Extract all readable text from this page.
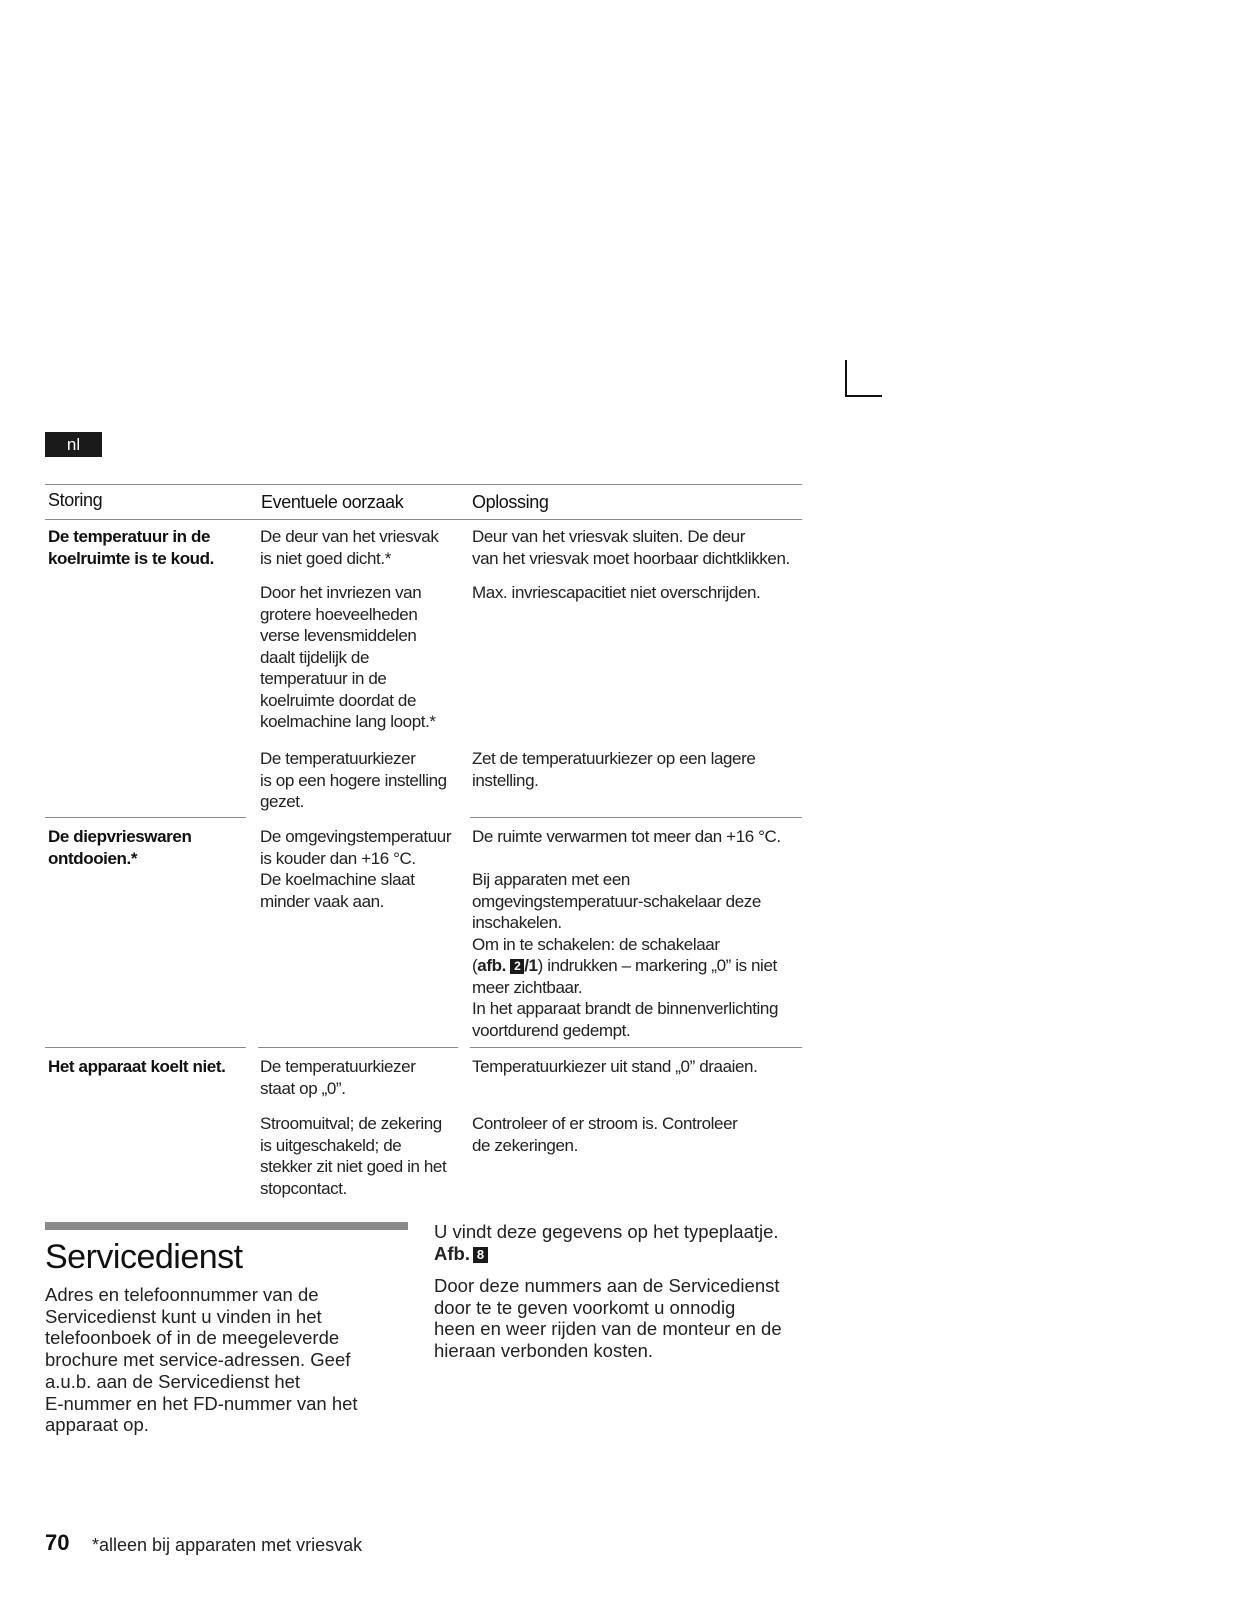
nl
Storing	Eventuele oorzaak	Oplossing
De temperatuur in de
koelruimte is te koud.
De deur van het vriesvak
is niet goed dicht.*
Deur van het vriesvak sluiten. De deur
van het vriesvak moet hoorbaar dichtklikken.
Door het invriezen van
grotere hoeveelheden
verse levensmiddelen
daalt tijdelijk de
temperatuur in de
koelruimte doordat de
koelmachine lang loopt.*
Max. invriescapacitiet niet overschrijden.
De temperatuurkiezer
is op een hogere instelling
gezet.
Zet de temperatuurkiezer op een lagere
instelling.
De diepvrieswaren
ontdooien.*
De omgevingstemperatuur
is kouder dan +16 °C.
De koelmachine slaat
minder vaak aan.
De ruimte verwarmen tot meer dan +16 °C.
Bij apparaten met een
omgevingstemperatuur-schakelaar deze
inschakelen.
Om in te schakelen: de schakelaar
(afb. 2 /1) indrukken – markering „0” is niet
meer zichtbaar.
In het apparaat brandt de binnenverlichting
voortdurend gedempt.
Het apparaat koelt niet. De temperatuurkiezer
staat op „0”.
Temperatuurkiezer uit stand „0” draaien.
Stroomuitval; de zekering
is uitgeschakeld; de
stekker zit niet goed in het
stopcontact.
Controleer of er stroom is. Controleer
de zekeringen.
Servicedienst
Adres en telefoonnummer van de
Servicedienst kunt u vinden in het
telefoonboek of in de meegeleverde
brochure met service-adressen. Geef
a.u.b. aan de Servicedienst het
E-nummer en het FD-nummer van het
apparaat op.
U vindt deze gegevens op het typeplaatje.
Afb. 8
Door deze nummers aan de Servicedienst
door te te geven voorkomt u onnodig
heen en weer rijden van de monteur en de
hieraan verbonden kosten.
70 *alleen bij apparaten met vriesvak
